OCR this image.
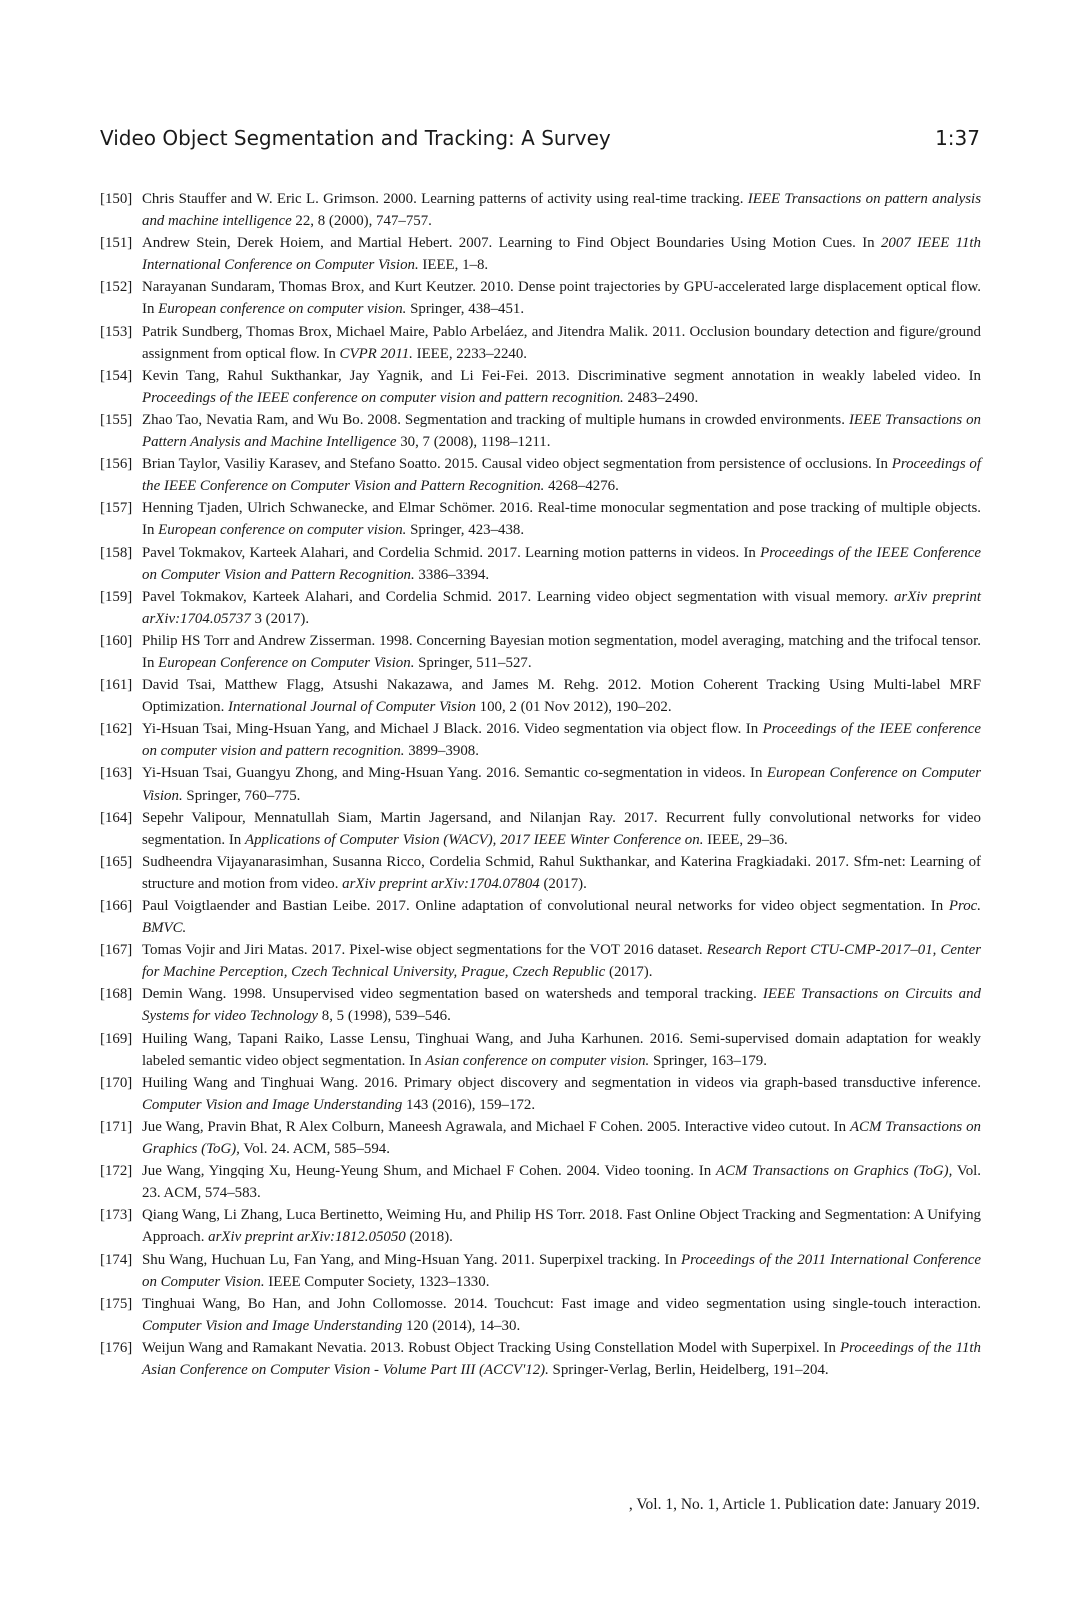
Video Object Segmentation and Tracking: A Survey	1:37
[150] Chris Stauffer and W. Eric L. Grimson. 2000. Learning patterns of activity using real-time tracking. IEEE Transactions on pattern analysis and machine intelligence 22, 8 (2000), 747–757.
[151] Andrew Stein, Derek Hoiem, and Martial Hebert. 2007. Learning to Find Object Boundaries Using Motion Cues. In 2007 IEEE 11th International Conference on Computer Vision. IEEE, 1–8.
[152] Narayanan Sundaram, Thomas Brox, and Kurt Keutzer. 2010. Dense point trajectories by GPU-accelerated large displacement optical flow. In European conference on computer vision. Springer, 438–451.
[153] Patrik Sundberg, Thomas Brox, Michael Maire, Pablo Arbeláez, and Jitendra Malik. 2011. Occlusion boundary detection and figure/ground assignment from optical flow. In CVPR 2011. IEEE, 2233–2240.
[154] Kevin Tang, Rahul Sukthankar, Jay Yagnik, and Li Fei-Fei. 2013. Discriminative segment annotation in weakly labeled video. In Proceedings of the IEEE conference on computer vision and pattern recognition. 2483–2490.
[155] Zhao Tao, Nevatia Ram, and Wu Bo. 2008. Segmentation and tracking of multiple humans in crowded environments. IEEE Transactions on Pattern Analysis and Machine Intelligence 30, 7 (2008), 1198–1211.
[156] Brian Taylor, Vasiliy Karasev, and Stefano Soatto. 2015. Causal video object segmentation from persistence of occlusions. In Proceedings of the IEEE Conference on Computer Vision and Pattern Recognition. 4268–4276.
[157] Henning Tjaden, Ulrich Schwanecke, and Elmar Schömer. 2016. Real-time monocular segmentation and pose tracking of multiple objects. In European conference on computer vision. Springer, 423–438.
[158] Pavel Tokmakov, Karteek Alahari, and Cordelia Schmid. 2017. Learning motion patterns in videos. In Proceedings of the IEEE Conference on Computer Vision and Pattern Recognition. 3386–3394.
[159] Pavel Tokmakov, Karteek Alahari, and Cordelia Schmid. 2017. Learning video object segmentation with visual memory. arXiv preprint arXiv:1704.05737 3 (2017).
[160] Philip HS Torr and Andrew Zisserman. 1998. Concerning Bayesian motion segmentation, model averaging, matching and the trifocal tensor. In European Conference on Computer Vision. Springer, 511–527.
[161] David Tsai, Matthew Flagg, Atsushi Nakazawa, and James M. Rehg. 2012. Motion Coherent Tracking Using Multi-label MRF Optimization. International Journal of Computer Vision 100, 2 (01 Nov 2012), 190–202.
[162] Yi-Hsuan Tsai, Ming-Hsuan Yang, and Michael J Black. 2016. Video segmentation via object flow. In Proceedings of the IEEE conference on computer vision and pattern recognition. 3899–3908.
[163] Yi-Hsuan Tsai, Guangyu Zhong, and Ming-Hsuan Yang. 2016. Semantic co-segmentation in videos. In European Conference on Computer Vision. Springer, 760–775.
[164] Sepehr Valipour, Mennatullah Siam, Martin Jagersand, and Nilanjan Ray. 2017. Recurrent fully convolutional networks for video segmentation. In Applications of Computer Vision (WACV), 2017 IEEE Winter Conference on. IEEE, 29–36.
[165] Sudheendra Vijayanarasimhan, Susanna Ricco, Cordelia Schmid, Rahul Sukthankar, and Katerina Fragkiadaki. 2017. Sfm-net: Learning of structure and motion from video. arXiv preprint arXiv:1704.07804 (2017).
[166] Paul Voigtlaender and Bastian Leibe. 2017. Online adaptation of convolutional neural networks for video object segmentation. In Proc. BMVC.
[167] Tomas Vojir and Jiri Matas. 2017. Pixel-wise object segmentations for the VOT 2016 dataset. Research Report CTU-CMP-2017–01, Center for Machine Perception, Czech Technical University, Prague, Czech Republic (2017).
[168] Demin Wang. 1998. Unsupervised video segmentation based on watersheds and temporal tracking. IEEE Transactions on Circuits and Systems for video Technology 8, 5 (1998), 539–546.
[169] Huiling Wang, Tapani Raiko, Lasse Lensu, Tinghuai Wang, and Juha Karhunen. 2016. Semi-supervised domain adaptation for weakly labeled semantic video object segmentation. In Asian conference on computer vision. Springer, 163–179.
[170] Huiling Wang and Tinghuai Wang. 2016. Primary object discovery and segmentation in videos via graph-based transductive inference. Computer Vision and Image Understanding 143 (2016), 159–172.
[171] Jue Wang, Pravin Bhat, R Alex Colburn, Maneesh Agrawala, and Michael F Cohen. 2005. Interactive video cutout. In ACM Transactions on Graphics (ToG), Vol. 24. ACM, 585–594.
[172] Jue Wang, Yingqing Xu, Heung-Yeung Shum, and Michael F Cohen. 2004. Video tooning. In ACM Transactions on Graphics (ToG), Vol. 23. ACM, 574–583.
[173] Qiang Wang, Li Zhang, Luca Bertinetto, Weiming Hu, and Philip HS Torr. 2018. Fast Online Object Tracking and Segmentation: A Unifying Approach. arXiv preprint arXiv:1812.05050 (2018).
[174] Shu Wang, Huchuan Lu, Fan Yang, and Ming-Hsuan Yang. 2011. Superpixel tracking. In Proceedings of the 2011 International Conference on Computer Vision. IEEE Computer Society, 1323–1330.
[175] Tinghuai Wang, Bo Han, and John Collomosse. 2014. Touchcut: Fast image and video segmentation using single-touch interaction. Computer Vision and Image Understanding 120 (2014), 14–30.
[176] Weijun Wang and Ramakant Nevatia. 2013. Robust Object Tracking Using Constellation Model with Superpixel. In Proceedings of the 11th Asian Conference on Computer Vision - Volume Part III (ACCV'12). Springer-Verlag, Berlin, Heidelberg, 191–204.
, Vol. 1, No. 1, Article 1. Publication date: January 2019.
